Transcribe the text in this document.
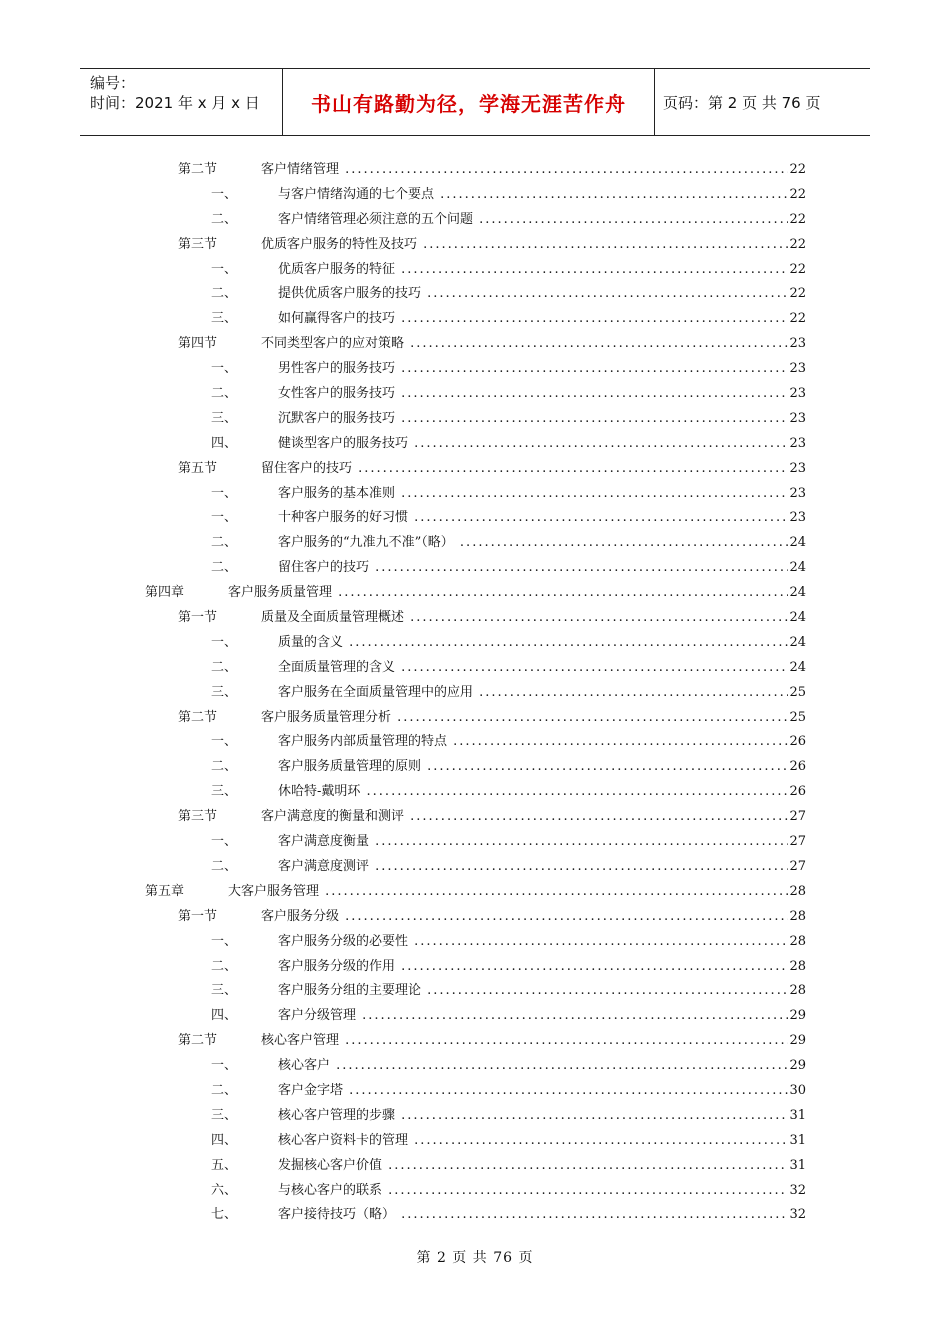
编号：
时间：2021 年 x 月 x 日	书山有路勤为径，学海无涯苦作舟 页码：第 2 页 共 76 页
第二节	客户情绪管理 .....	22
一、	与客户情绪沟通的七个要点 .....	22
二、	客户情绪管理必须注意的五个问题 .....	22
第三节	优质客户服务的特性及技巧 .....	22
一、	优质客户服务的特征 .....	22
二、	提供优质客户服务的技巧 .....	22
三、	如何赢得客户的技巧 .....	22
第四节	不同类型客户的应对策略 .....	23
一、	男性客户的服务技巧 .....	23
二、	女性客户的服务技巧 .....	23
三、	沉默客户的服务技巧 .....	23
四、	健谈型客户的服务技巧 .....	23
第五节	留住客户的技巧 .....	23
一、	客户服务的基本准则 .....	23
一、	十种客户服务的好习惯 .....	23
二、	客户服务的“九准九不准”（略） .....	24
二、	留住客户的技巧 .....	24
第四章	客户服务质量管理 .....	24
第一节	质量及全面质量管理概述 .....	24
一、	质量的含义 .....	24
二、	全面质量管理的含义 .....	24
三、	客户服务在全面质量管理中的应用 .....	25
第二节	客户服务质量管理分析 .....	25
一、	客户服务内部质量管理的特点 .....	26
二、	客户服务质量管理的原则 .....	26
三、	休哈特-戴明环 .....	26
第三节	客户满意度的衡量和测评 .....	27
一、	客户满意度衡量 .....	27
二、	客户满意度测评 .....	27
第五章	大客户服务管理 .....	28
第一节	客户服务分级 .....	28
一、	客户服务分级的必要性 .....	28
二、	客户服务分级的作用 .....	28
三、	客户服务分组的主要理论 .....	28
四、	客户分级管理 .....	29
第二节	核心客户管理 .....	29
一、	核心客户 .....	29
二、	客户金字塔 .....	30
三、	核心客户管理的步骤 .....	31
四、	核心客户资料卡的管理 .....	31
五、	发掘核心客户价值 .....	31
六、	与核心客户的联系 .....	32
七、	客户接待技巧（略） .....	32
第 2 页 共 76 页
